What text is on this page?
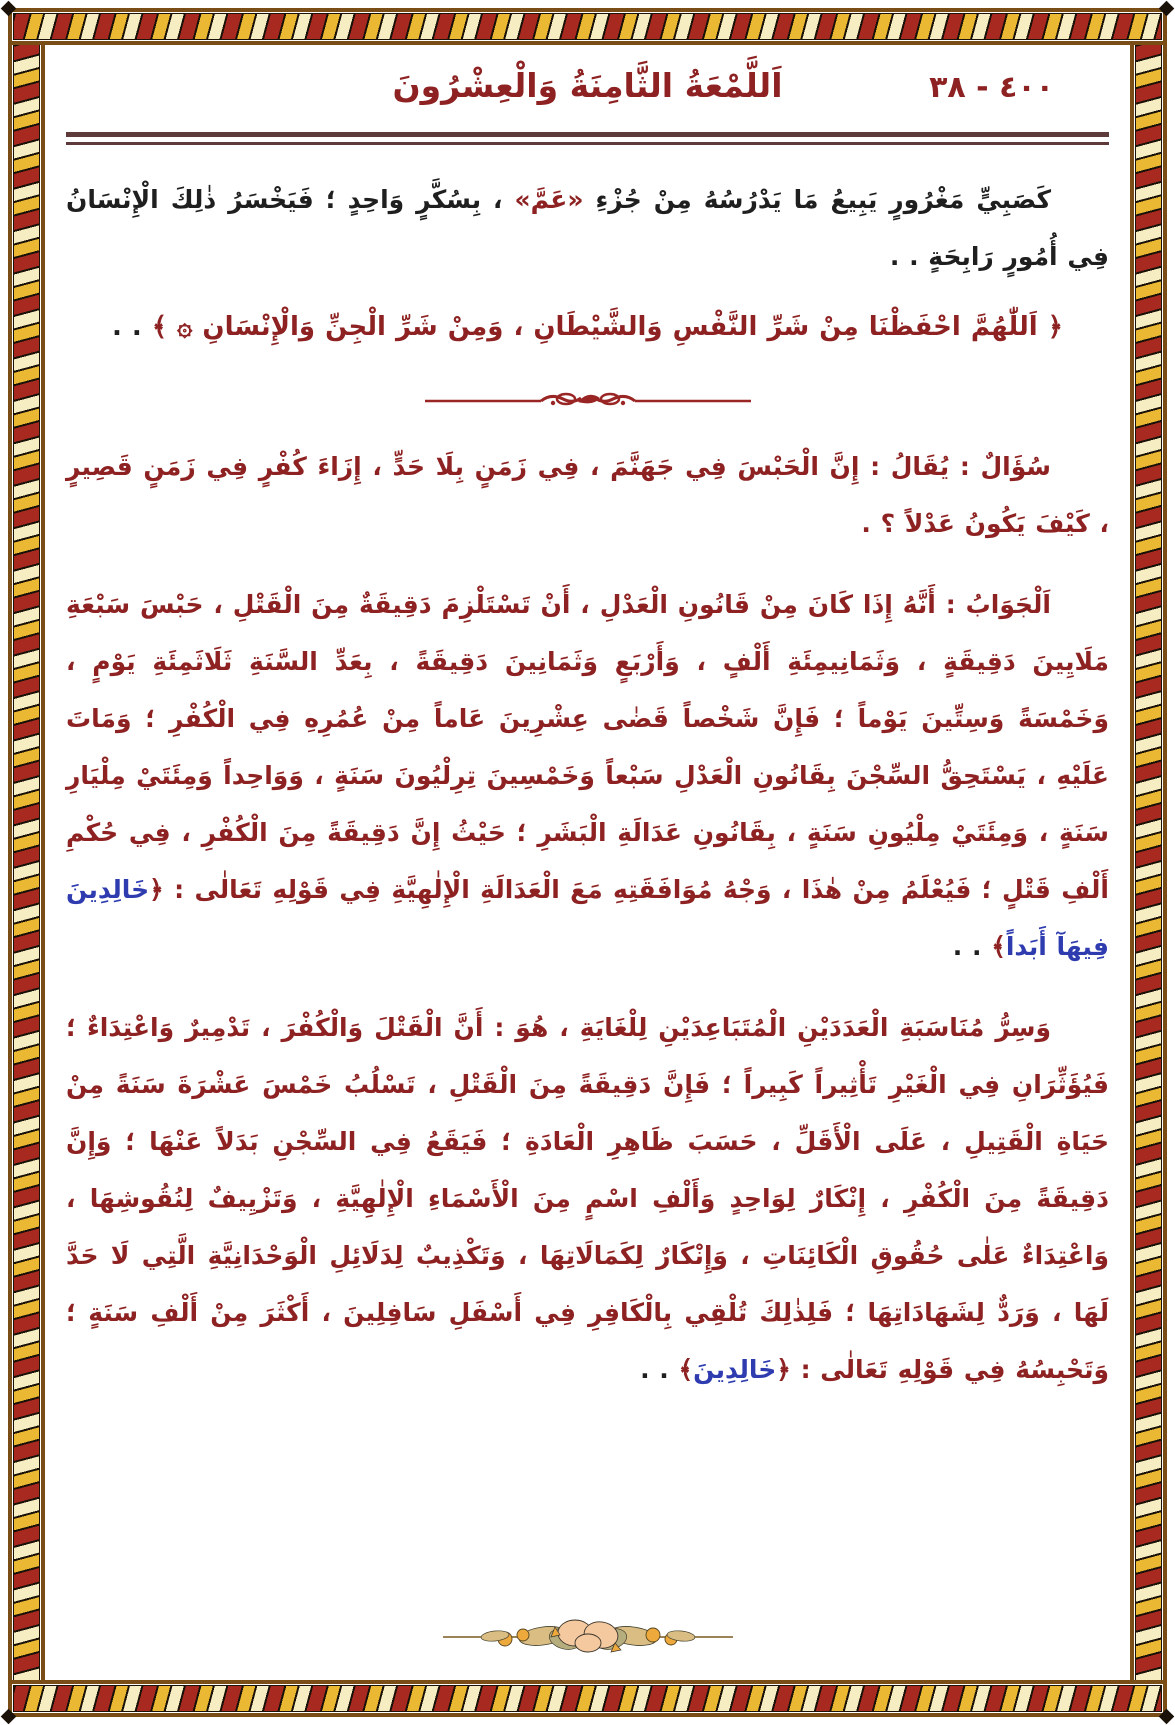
٤٠٠ - ٣٨
اَللَّمْعَةُ الثَّامِنَةُ وَالْعِشْرُونَ

كَصَبِيٍّ مَغْرُورٍ يَبِيعُ مَا يَدْرُسُهُ مِنْ جُزْءِ «عَمَّ» ، بِسُكَّرٍ وَاحِدٍ ؛ فَيَخْسَرُ ذٰلِكَ الْإِنْسَانُ فِي أُمُورٍ رَابِحَةٍ . .

﴿ اَللّٰهُمَّ احْفَظْنَا مِنْ شَرِّ النَّفْسِ وَالشَّيْطَانِ ، وَمِنْ شَرِّ الْجِنِّ وَالْإِنْسَانِ ۞ ﴾ . .

سُؤَالٌ : يُقَالُ : إِنَّ الْحَبْسَ فِي جَهَنَّمَ ، فِي زَمَنٍ بِلَا حَدٍّ ، إِزَاءَ كُفْرٍ فِي زَمَنٍ قَصِيرٍ ، كَيْفَ يَكُونُ عَدْلاً ؟ .

اَلْجَوَابُ : أَنَّهُ إِذَا كَانَ مِنْ قَانُونِ الْعَدْلِ ، أَنْ تَسْتَلْزِمَ دَقِيقَةٌ مِنَ الْقَتْلِ ، حَبْسَ سَبْعَةِ مَلَايِينَ دَقِيقَةٍ ، وَثَمَانِيمِئَةِ أَلْفٍ ، وَأَرْبَعٍ وَثَمَانِينَ دَقِيقَةً ، بِعَدِّ السَّنَةِ ثَلَاثَمِئَةِ يَوْمٍ ، وَخَمْسَةً وَسِتِّينَ يَوْماً ؛ فَإِنَّ شَخْصاً قَضٰى عِشْرِينَ عَاماً مِنْ عُمُرِهِ فِي الْكُفْرِ ؛ وَمَاتَ عَلَيْهِ ، يَسْتَحِقُّ السِّجْنَ بِقَانُونِ الْعَدْلِ سَبْعاً وَخَمْسِينَ تِرِلْيُونَ سَنَةٍ ، وَوَاحِداً وَمِئَتَيْ مِلْيَارِ سَنَةٍ ، وَمِئَتَيْ مِلْيُونِ سَنَةٍ ، بِقَانُونِ عَدَالَةِ الْبَشَرِ ؛ حَيْثُ إِنَّ دَقِيقَةً مِنَ الْكُفْرِ ، فِي حُكْمِ أَلْفِ قَتْلٍ ؛ فَيُعْلَمُ مِنْ هٰذَا ، وَجْهُ مُوَافَقَتِهِ مَعَ الْعَدَالَةِ الْإِلٰهِيَّةِ فِي قَوْلِهِ تَعَالٰى : ﴿خَالِدِينَ فِيهَآ أَبَداً﴾ . .

وَسِرُّ مُنَاسَبَةِ الْعَدَدَيْنِ الْمُتَبَاعِدَيْنِ لِلْغَايَةِ ، هُوَ : أَنَّ الْقَتْلَ وَالْكُفْرَ ، تَدْمِيرٌ وَاعْتِدَاءٌ ؛ فَيُؤَثِّرَانِ فِي الْغَيْرِ تَأْثِيراً كَبِيراً ؛ فَإِنَّ دَقِيقَةً مِنَ الْقَتْلِ ، تَسْلُبُ خَمْسَ عَشْرَةَ سَنَةً مِنْ حَيَاةِ الْقَتِيلِ ، عَلَى الْأَقَلِّ ، حَسَبَ ظَاهِرِ الْعَادَةِ ؛ فَيَقَعُ فِي السِّجْنِ بَدَلاً عَنْهَا ؛ وَإِنَّ دَقِيقَةً مِنَ الْكُفْرِ ، إِنْكَارٌ لِوَاحِدٍ وَأَلْفِ اسْمٍ مِنَ الْأَسْمَاءِ الْإِلٰهِيَّةِ ، وَتَزْيِيفٌ لِنُقُوشِهَا ، وَاعْتِدَاءٌ عَلٰى حُقُوقِ الْكَائِنَاتِ ، وَإِنْكَارٌ لِكَمَالَاتِهَا ، وَتَكْذِيبٌ لِدَلَائِلِ الْوَحْدَانِيَّةِ الَّتِي لَا حَدَّ لَهَا ، وَرَدٌّ لِشَهَادَاتِهَا ؛ فَلِذٰلِكَ تُلْقِي بِالْكَافِرِ فِي أَسْفَلِ سَافِلِينَ ، أَكْثَرَ مِنْ أَلْفِ سَنَةٍ ؛ وَتَحْبِسُهُ فِي قَوْلِهِ تَعَالٰى : ﴿خَالِدِينَ﴾ . .
